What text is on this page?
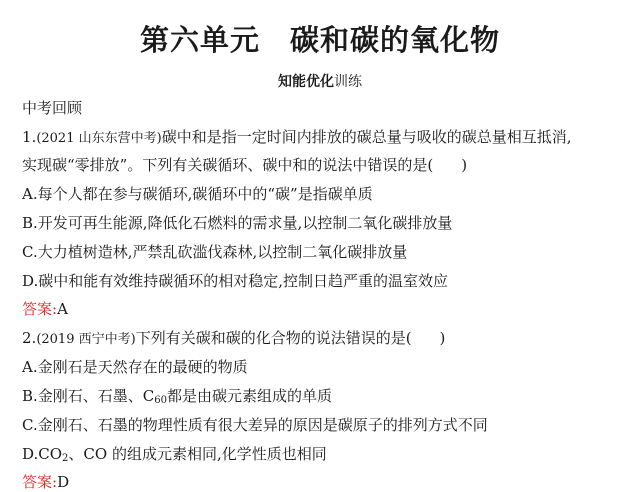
第六单元　碳和碳的氧化物
知能优化训练
中考回顾
1.(2021 山东东营中考)碳中和是指一定时间内排放的碳总量与吸收的碳总量相互抵消,
实现碳“零排放”。下列有关碳循环、碳中和的说法中错误的是( )
A.每个人都在参与碳循环,碳循环中的“碳”是指碳单质
B.开发可再生能源,降低化石燃料的需求量,以控制二氧化碳排放量
C.大力植树造林,严禁乱砍滥伐森林,以控制二氧化碳排放量
D.碳中和能有效维持碳循环的相对稳定,控制日趋严重的温室效应
答案:A
2.(2019 西宁中考)下列有关碳和碳的化合物的说法错误的是( )
A.金刚石是天然存在的最硬的物质
B.金刚石、石墨、$C_{60}$都是由碳元素组成的单质
C.金刚石、石墨的物理性质有很大差异的原因是碳原子的排列方式不同
$D.CO_2$、CO 的组成元素相同,化学性质也相同
答案:D
